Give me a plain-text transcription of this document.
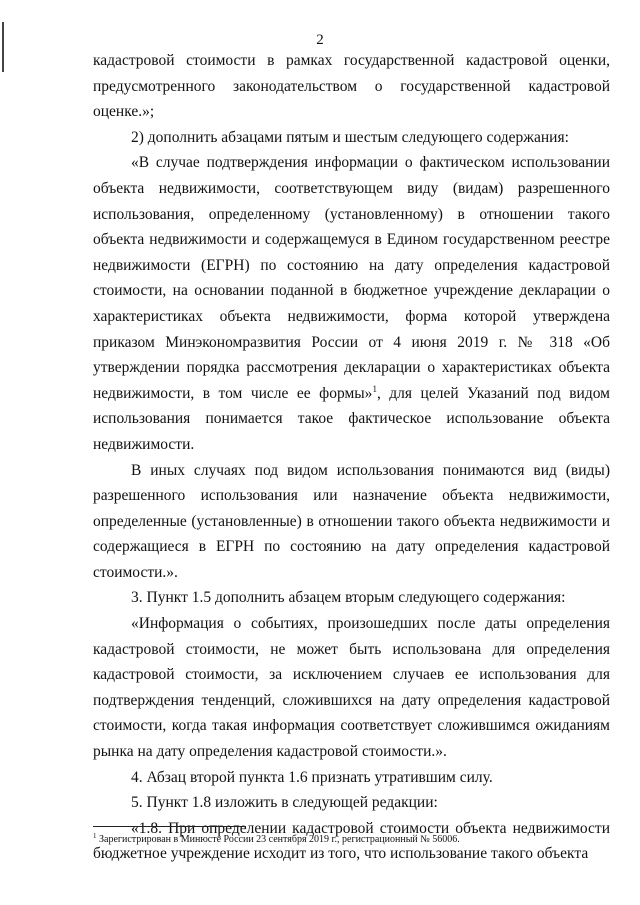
2

кадастровой стоимости в рамках государственной кадастровой оценки, предусмотренного законодательством о государственной кадастровой оценке.»;

2) дополнить абзацами пятым и шестым следующего содержания:

«В случае подтверждения информации о фактическом использовании объекта недвижимости, соответствующем виду (видам) разрешенного использования, определенному (установленному) в отношении такого объекта недвижимости и содержащемуся в Едином государственном реестре недвижимости (ЕГРН) по состоянию на дату определения кадастровой стоимости, на основании поданной в бюджетное учреждение декларации о характеристиках объекта недвижимости, форма которой утверждена приказом Минэкономразвития России от 4 июня 2019 г. № 318 «Об утверждении порядка рассмотрения декларации о характеристиках объекта недвижимости, в том числе ее формы»$^1$, для целей Указаний под видом использования понимается такое фактическое использование объекта недвижимости.

В иных случаях под видом использования понимаются вид (виды) разрешенного использования или назначение объекта недвижимости, определенные (установленные) в отношении такого объекта недвижимости и содержащиеся в ЕГРН по состоянию на дату определения кадастровой стоимости.».

3. Пункт 1.5 дополнить абзацем вторым следующего содержания:

«Информация о событиях, произошедших после даты определения кадастровой стоимости, не может быть использована для определения кадастровой стоимости, за исключением случаев ее использования для подтверждения тенденций, сложившихся на дату определения кадастровой стоимости, когда такая информация соответствует сложившимся ожиданиям рынка на дату определения кадастровой стоимости.».

4. Абзац второй пункта 1.6 признать утратившим силу.

5. Пункт 1.8 изложить в следующей редакции:

«1.8. При определении кадастровой стоимости объекта недвижимости бюджетное учреждение исходит из того, что использование такого объекта

$^1$ Зарегистрирован в Минюсте России 23 сентября 2019 г., регистрационный № 56006.
